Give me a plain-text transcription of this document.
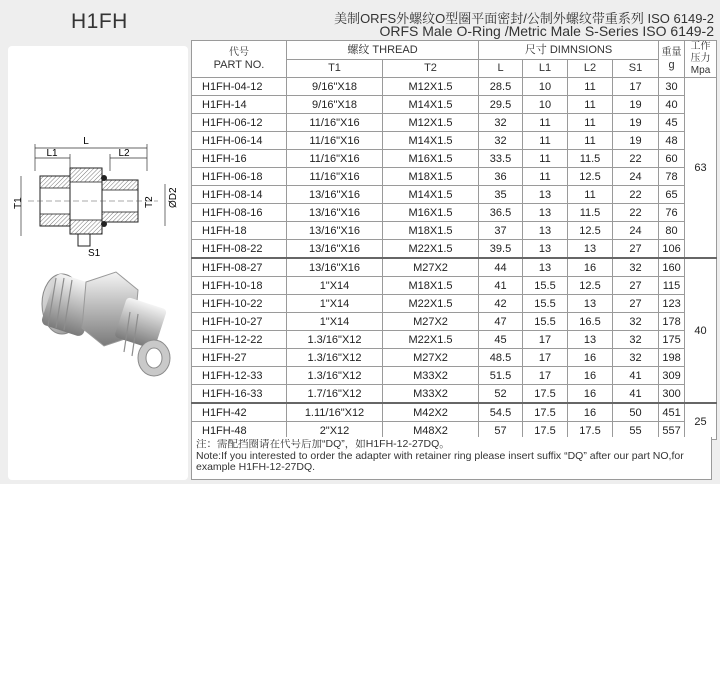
H1FH	美制ORFS外螺纹O型圈平面密封/公制外螺纹带重系列 ISO 6149-2
ORFS Male O-Ring /Metric Male S-Series ISO 6149-2
L
L1	L2
T1	T2 ØD2
S1
代号
PART NO.	螺纹 THREAD		尺寸 DIMNSIONS				重量
g	工作
压力
Mpa

	T1	T2	L	L1	L2	S1		
H1FH-04-12	9/16"X18	M12X1.5	28.5	10	11	17	30	63
H1FH-14	9/16"X18	M14X1.5	29.5	10	11	19	40	
H1FH-06-12	11/16"X16	M12X1.5	32	11	11	19	45	
H1FH-06-14	11/16"X16	M14X1.5	32	11	11	19	48	
H1FH-16	11/16"X16	M16X1.5	33.5	11	11.5	22	60	
H1FH-06-18	11/16"X16	M18X1.5	36	11	12.5	24	78	
H1FH-08-14	13/16"X16	M14X1.5	35	13	11	22	65	
H1FH-08-16	13/16"X16	M16X1.5	36.5	13	11.5	22	76	
H1FH-18	13/16"X16	M18X1.5	37	13	12.5	24	80	
H1FH-08-22	13/16"X16	M22X1.5	39.5	13	13	27	106	
H1FH-08-27	13/16"X16	M27X2	44	13	16	32	160	40
H1FH-10-18	1"X14	M18X1.5	41	15.5	12.5	27	115	
H1FH-10-22	1"X14	M22X1.5	42	15.5	13	27	123	
H1FH-10-27	1"X14	M27X2	47	15.5	16.5	32	178	
H1FH-12-22	1.3/16"X12	M22X1.5	45	17	13	32	175	
H1FH-27	1.3/16"X12	M27X2	48.5	17	16	32	198	
H1FH-12-33	1.3/16"X12	M33X2	51.5	17	16	41	309	
H1FH-16-33	1.7/16"X12	M33X2	52	17.5	16	41	300	
H1FH-42	1.11/16"X12	M42X2	54.5	17.5	16	50	451	25
H1FH-48	2"X12	M48X2	57	17.5	17.5	55	557	
注：需配挡圈请在代号后加“DQ”，如H1FH-12-27DQ。
Note:If you interested to order the adapter with retainer ring please insert suffix “DQ” after our part NO,for
example H1FH-12-27DQ.
